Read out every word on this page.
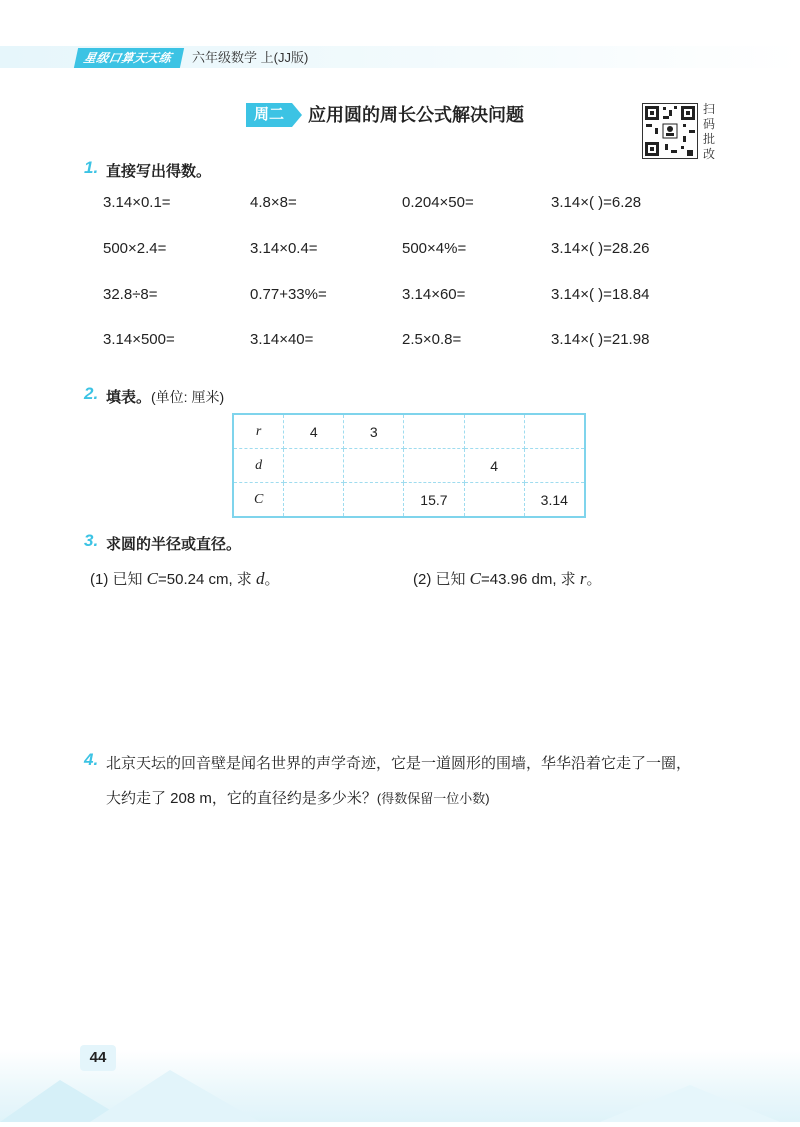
星级口算天天练	六年级数学 上(JJ版)
周二	应用圆的周长公式解决问题	扫
码
批
改
1. 直接写出得数。
3.14×0.1=	4.8×8=	0.204×50=	3.14×( )=6.28
500×2.4=	3.14×0.4=	500×4%=	3.14×( )=28.26
32.8÷8=	0.77+33%=	3.14×60=	3.14×( )=18.84
3.14×500=	3.14×40=	2.5×0.8=	3.14×( )=21.98
2. 填表。(单位: 厘米)
r	4	3			
d				4	
C			15.7		3.14
3. 求圆的半径或直径。
(1) 已知 C=50.24 cm, 求 d。	(2) 已知 C=43.96 dm, 求 r。
4. 北京天坛的回音壁是闻名世界的声学奇迹，它是一道圆形的围墙，华华沿着它走了一圈，
大约走了 208 m，它的直径约是多少米？(得数保留一位小数)
44
